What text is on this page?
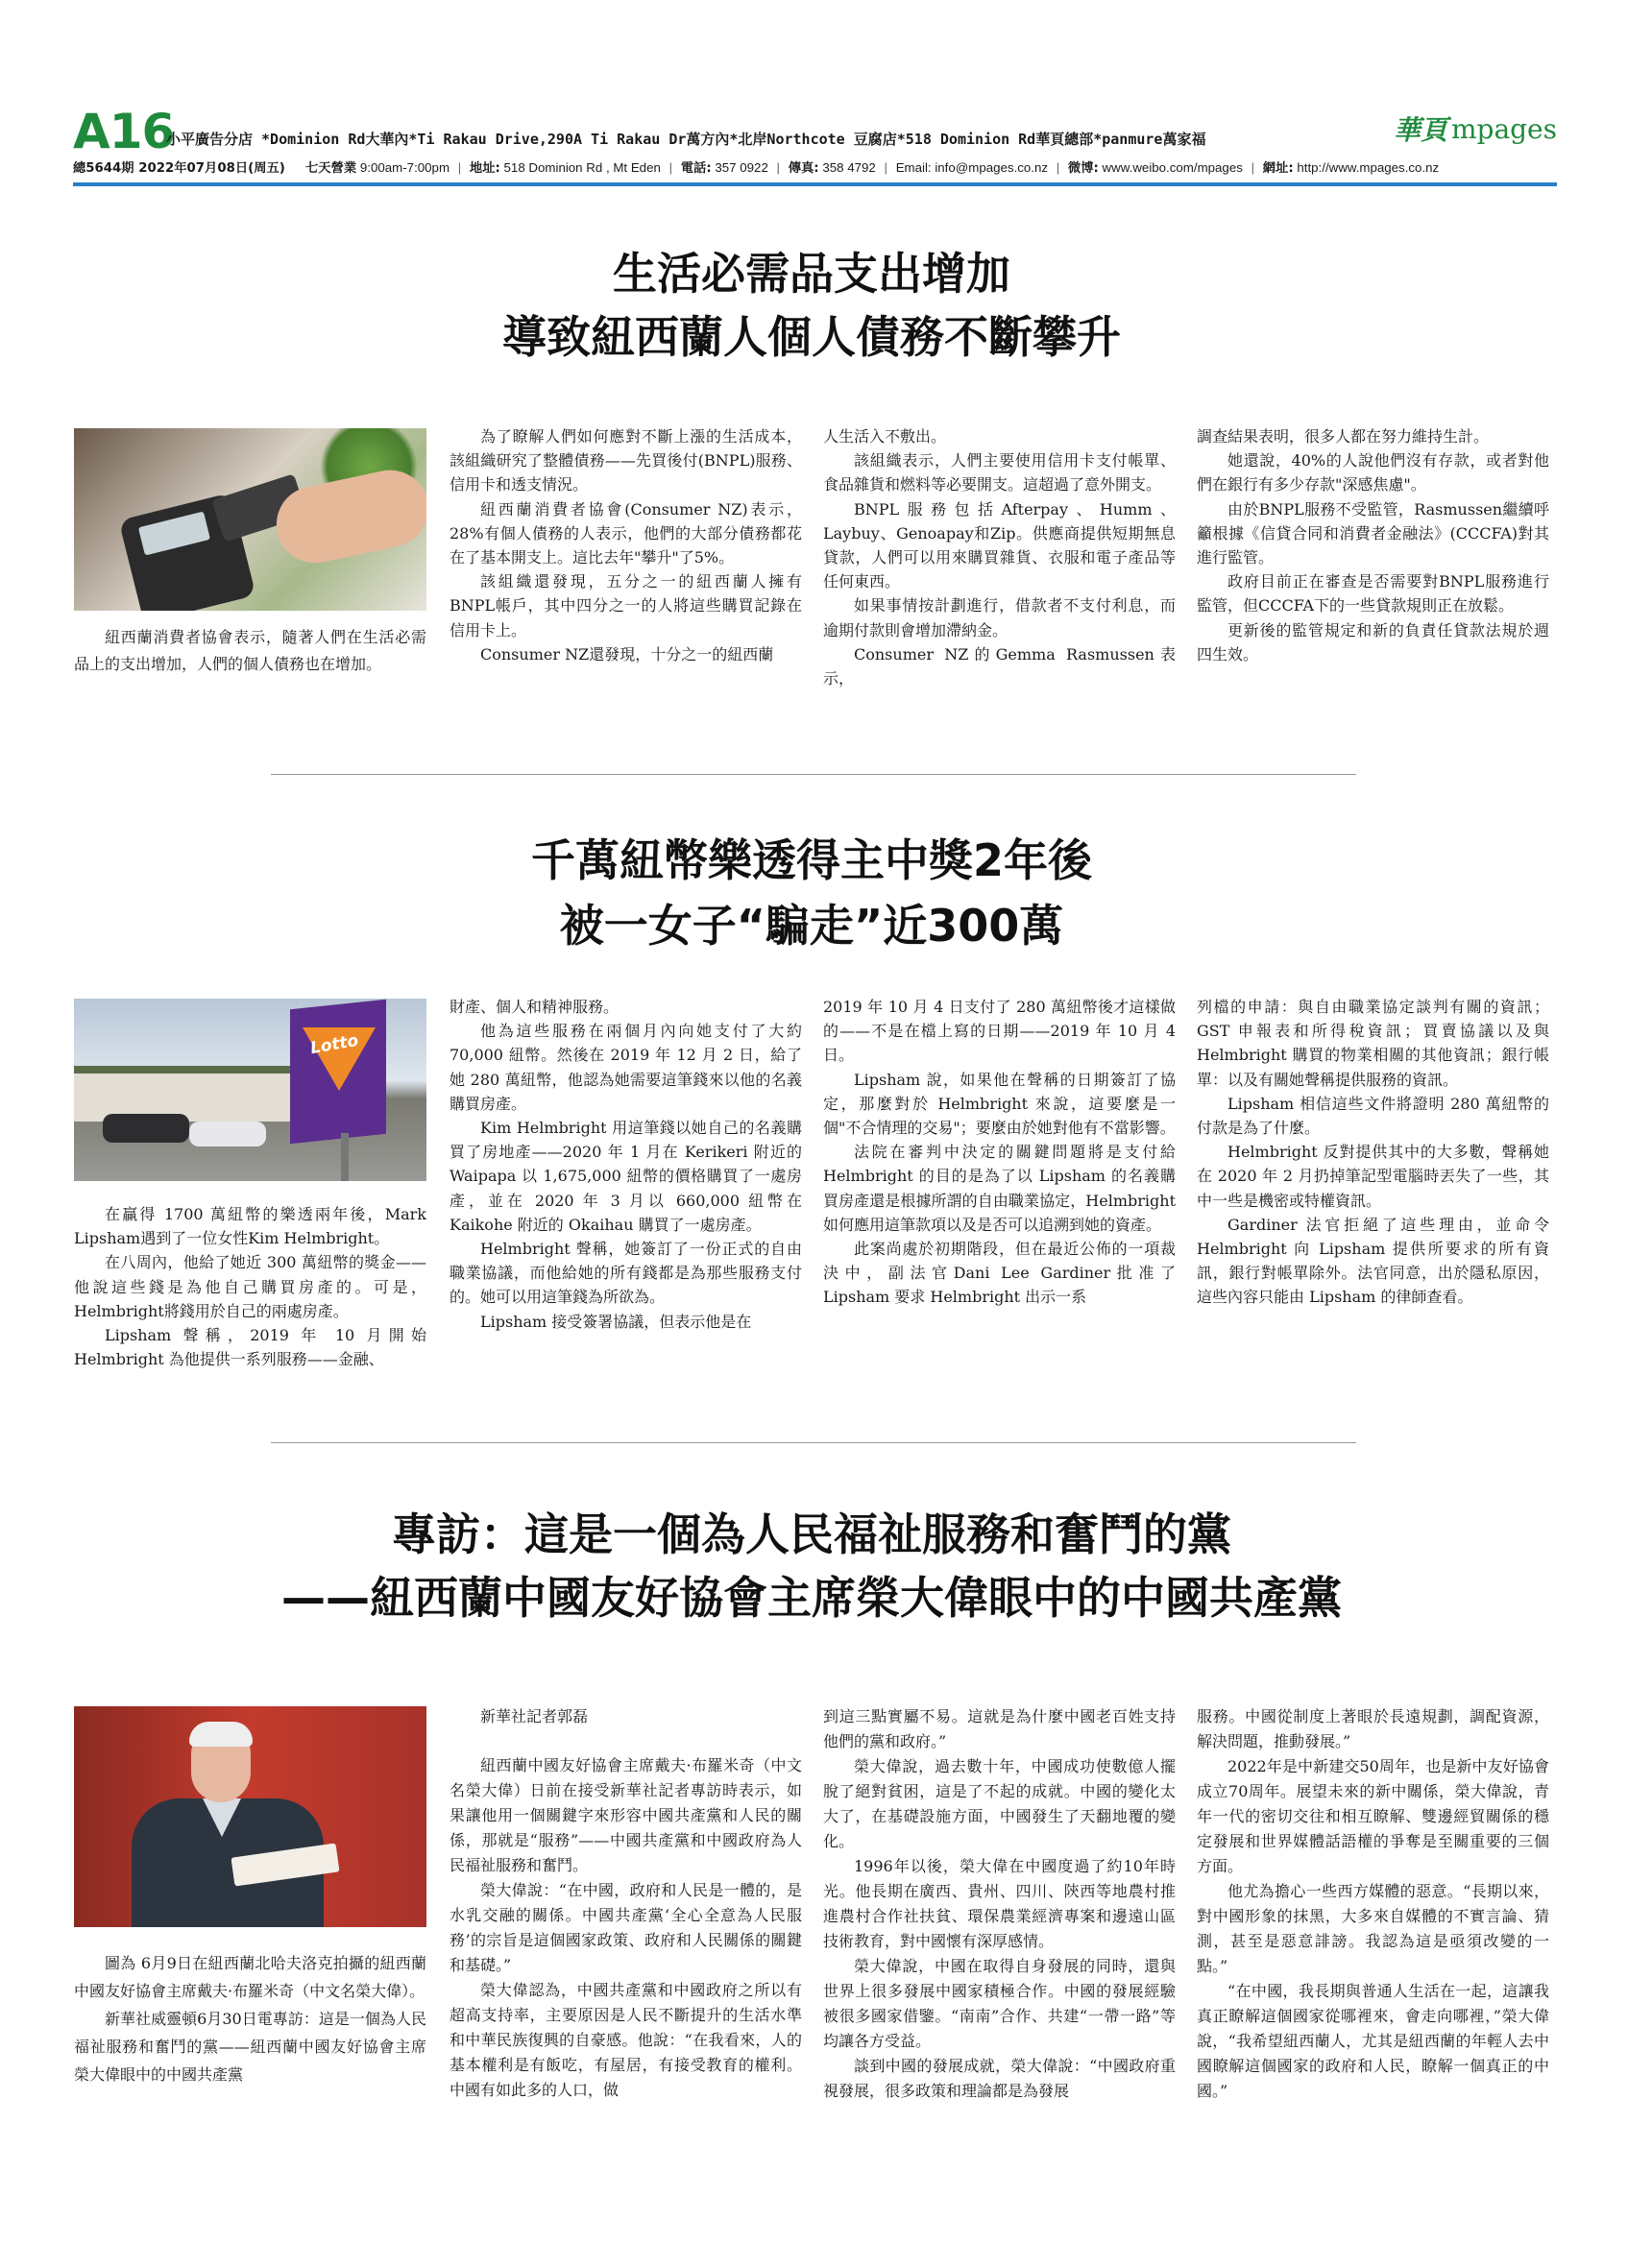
A16
小平廣告分店 *Dominion Rd大華內*Ti Rakau Drive,290A Ti Rakau Dr萬方內*北岸Northcote 豆腐店*518 Dominion Rd華頁總部*panmure萬家福	華頁 mpages
總5644期 2022年07月08日(周五) 七天營業 9:00am-7:00pm | 地址: 518 Dominion Rd , Mt Eden | 電話: 357 0922 | 傳真: 358 4792 | Email: info@mpages.co.nz | 微博: www.weibo.com/mpages | 網址: http://www.mpages.co.nz
生活必需品支出增加
導致紐西蘭人個人債務不斷攀升

紐西蘭消費者協會表示，隨著人們在生活必需品上的支出增加，人們的個人債務也在增加。

為了瞭解人們如何應對不斷上漲的生活成本，該組織研究了整體債務——先買後付(BNPL)服務、信用卡和透支情況。

紐西蘭消費者協會(Consumer NZ)表示，28%有個人債務的人表示，他們的大部分債務都花在了基本開支上。這比去年"攀升"了5%。

該組織還發現，五分之一的紐西蘭人擁有BNPL帳戶，其中四分之一的人將這些購買記錄在信用卡上。

Consumer NZ還發現，十分之一的紐西蘭

人生活入不敷出。

該組織表示，人們主要使用信用卡支付帳單、食品雜貨和燃料等必要開支。這超過了意外開支。

BNPL服務包括Afterpay、Humm、Laybuy、Genoapay和Zip。供應商提供短期無息貸款，人們可以用來購買雜貨、衣服和電子產品等任何東西。

如果事情按計劃進行，借款者不支付利息，而逾期付款則會增加滯納金。

Consumer NZ的Gemma Rasmussen表示，

調查結果表明，很多人都在努力維持生計。

她還說，40%的人說他們沒有存款，或者對他們在銀行有多少存款"深感焦慮"。

由於BNPL服務不受監管，Rasmussen繼續呼籲根據《信貸合同和消費者金融法》(CCCFA)對其進行監管。

政府目前正在審查是否需要對BNPL服務進行監管，但CCCFA下的一些貸款規則正在放鬆。

更新後的監管規定和新的負責任貸款法規於週四生效。

千萬紐幣樂透得主中獎2年後
被一女子“騙走”近300萬
Lotto

在贏得 1700 萬紐幣的樂透兩年後，Mark Lipsham遇到了一位女性Kim Helmbright。

在八周內，他給了她近 300 萬紐幣的獎金——他說這些錢是為他自己購買房產的。可是，Helmbright將錢用於自己的兩處房產。

Lipsham 聲稱，2019 年 10 月開始 Helmbright 為他提供一系列服務——金融、

財產、個人和精神服務。

他為這些服務在兩個月內向她支付了大約 70,000 紐幣。然後在 2019 年 12 月 2 日，給了她 280 萬紐幣，他認為她需要這筆錢來以他的名義購買房產。

Kim Helmbright 用這筆錢以她自己的名義購買了房地產——2020 年 1 月在 Kerikeri 附近的 Waipapa 以 1,675,000 紐幣的價格購買了一處房產，並在 2020 年 3 月以 660,000 紐幣在 Kaikohe 附近的 Okaihau 購買了一處房產。

Helmbright 聲稱，她簽訂了一份正式的自由職業協議，而他給她的所有錢都是為那些服務支付的。她可以用這筆錢為所欲為。

Lipsham 接受簽署協議，但表示他是在

2019 年 10 月 4 日支付了 280 萬紐幣後才這樣做的——不是在檔上寫的日期——2019 年 10 月 4 日。

Lipsham 說，如果他在聲稱的日期簽訂了協定，那麼對於 Helmbright 來說，這要麼是一個"不合情理的交易"；要麼由於她對他有不當影響。

法院在審判中決定的關鍵問題將是支付給 Helmbright 的目的是為了以 Lipsham 的名義購買房產還是根據所謂的自由職業協定，Helmbright 如何應用這筆款項以及是否可以追溯到她的資產。

此案尚處於初期階段，但在最近公佈的一項裁決中，副法官Dani Lee Gardiner批准了 Lipsham 要求 Helmbright 出示一系

列檔的申請：與自由職業協定談判有關的資訊；GST 申報表和所得稅資訊；買賣協議以及與 Helmbright 購買的物業相關的其他資訊；銀行帳單：以及有關她聲稱提供服務的資訊。

Lipsham 相信這些文件將證明 280 萬紐幣的付款是為了什麼。

Helmbright 反對提供其中的大多數，聲稱她在 2020 年 2 月扔掉筆記型電腦時丟失了一些，其中一些是機密或特權資訊。

Gardiner 法官拒絕了這些理由，並命令 Helmbright 向 Lipsham 提供所要求的所有資訊，銀行對帳單除外。法官同意，出於隱私原因，這些內容只能由 Lipsham 的律師查看。

專訪：這是一個為人民福祉服務和奮鬥的黨
——紐西蘭中國友好協會主席榮大偉眼中的中國共產黨

圖為 6月9日在紐西蘭北哈夫洛克拍攝的紐西蘭中國友好協會主席戴夫·布羅米奇（中文名榮大偉）。

新華社威靈頓6月30日電專訪：這是一個為人民福祉服務和奮鬥的黨——紐西蘭中國友好協會主席榮大偉眼中的中國共產黨

新華社記者郭磊

紐西蘭中國友好協會主席戴夫·布羅米奇（中文名榮大偉）日前在接受新華社記者專訪時表示，如果讓他用一個關鍵字來形容中國共產黨和人民的關係，那就是“服務”——中國共產黨和中國政府為人民福祉服務和奮鬥。

榮大偉說：“在中國，政府和人民是一體的，是水乳交融的關係。中國共產黨‘全心全意為人民服務’的宗旨是這個國家政策、政府和人民關係的關鍵和基礎。”

榮大偉認為，中國共產黨和中國政府之所以有超高支持率，主要原因是人民不斷提升的生活水準和中華民族復興的自豪感。他說：“在我看來，人的基本權利是有飯吃，有屋居，有接受教育的權利。中國有如此多的人口，做

到這三點實屬不易。這就是為什麼中國老百姓支持他們的黨和政府。”

榮大偉說，過去數十年，中國成功使數億人擺脫了絕對貧困，這是了不起的成就。中國的變化太大了，在基礎設施方面，中國發生了天翻地覆的變化。

1996年以後，榮大偉在中國度過了約10年時光。他長期在廣西、貴州、四川、陝西等地農村推進農村合作社扶貧、環保農業經濟專案和邊遠山區技術教育，對中國懷有深厚感情。

榮大偉說，中國在取得自身發展的同時，還與世界上很多發展中國家積極合作。中國的發展經驗被很多國家借鑒。“南南”合作、共建“一帶一路”等均讓各方受益。

談到中國的發展成就，榮大偉說：“中國政府重視發展，很多政策和理論都是為發展

服務。中國從制度上著眼於長遠規劃，調配資源，解決問題，推動發展。”

2022年是中新建交50周年，也是新中友好協會成立70周年。展望未來的新中關係，榮大偉說，青年一代的密切交往和相互瞭解、雙邊經貿關係的穩定發展和世界媒體話語權的爭奪是至關重要的三個方面。

他尤為擔心一些西方媒體的惡意。“長期以來，對中國形象的抹黑，大多來自媒體的不實言論、猜測，甚至是惡意誹謗。我認為這是亟須改變的一點。”

“在中國，我長期與普通人生活在一起，這讓我真正瞭解這個國家從哪裡來，會走向哪裡，”榮大偉說，“我希望紐西蘭人，尤其是紐西蘭的年輕人去中國瞭解這個國家的政府和人民，瞭解一個真正的中國。”
